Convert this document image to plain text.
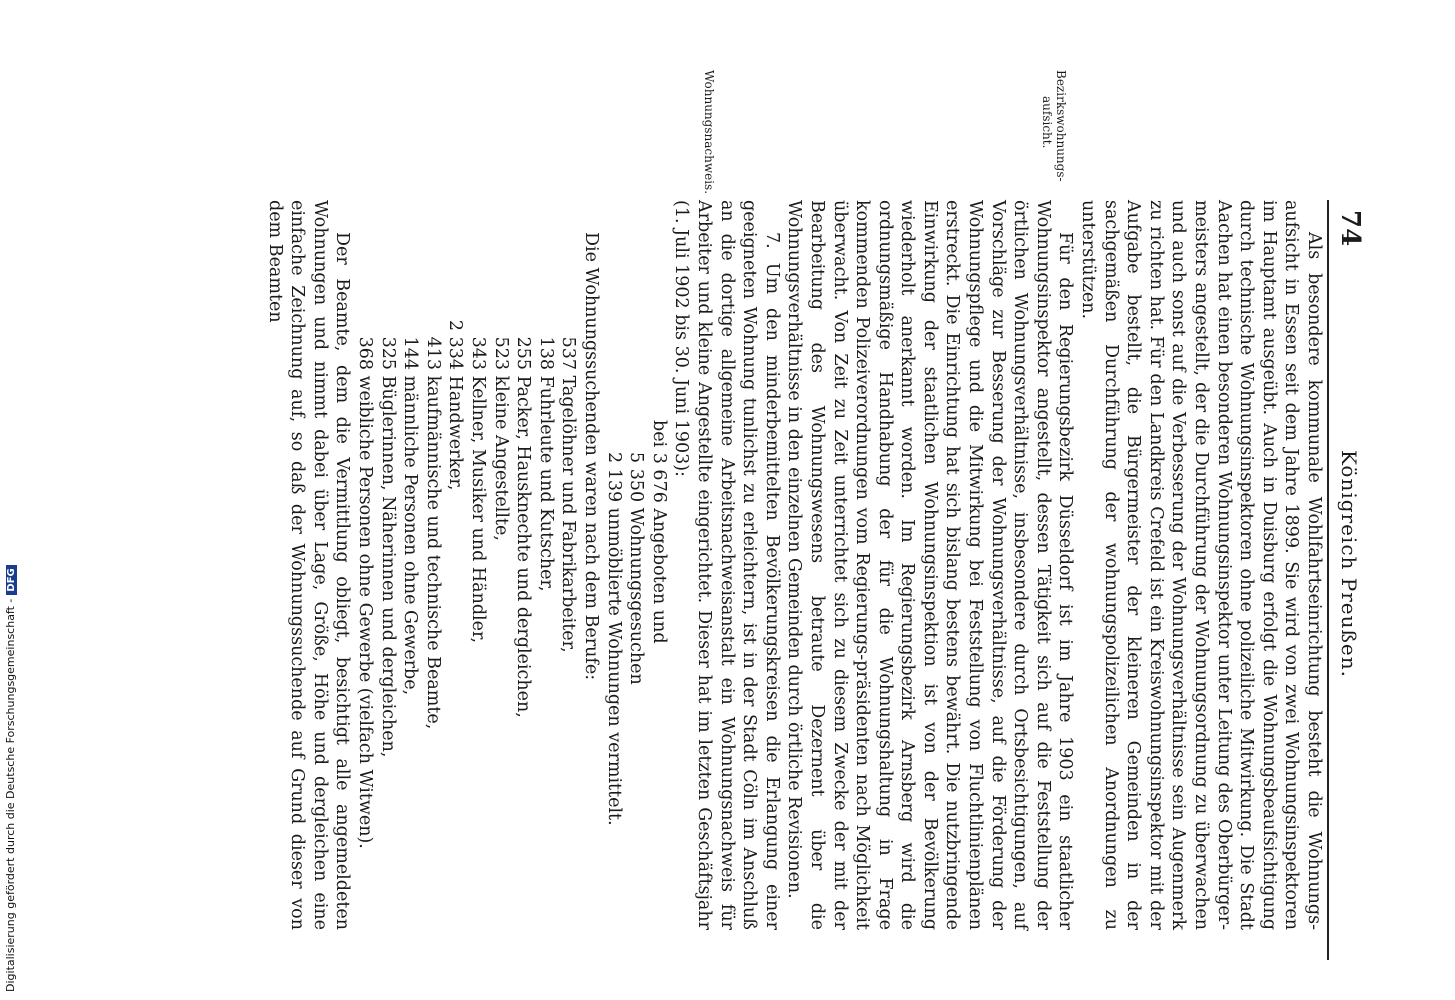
74
Königreich Preußen.

Als besondere kommunale Wohlfahrtseinrichtung besteht die Wohnungs-aufsicht in Essen seit dem Jahre 1899. Sie wird von zwei Wohnungsinspektoren im Hauptamt ausgeübt. Auch in Duisburg erfolgt die Wohnungsbeaufsichtigung durch technische Wohnungsinspektoren ohne polizeiliche Mitwirkung. Die Stadt Aachen hat einen besonderen Wohnungsinspektor unter Leitung des Oberbürger-meisters angestellt, der die Durchführung der Wohnungsordnung zu überwachen und auch sonst auf die Verbesserung der Wohnungsverhältnisse sein Augenmerk zu richten hat. Für den Landkreis Crefeld ist ein Kreiswohnungsinspektor mit der Aufgabe bestellt, die Bürgermeister der kleineren Gemeinden in der sachgemäßen Durchführung der wohnungspolizeilichen Anordnungen zu unterstützen.

Für den Regierungsbezirk Düsseldorf ist im Jahre 1903 ein staatlicher Wohnungsinspektor angestellt, dessen Tätigkeit sich auf die Feststellung der örtlichen Wohnungsverhältnisse, insbesondere durch Ortsbesichtigungen, auf Vorschläge zur Besserung der Wohnungsverhältnisse, auf die Förderung der Wohnungspflege und die Mitwirkung bei Feststellung von Fluchtlinienplänen erstreckt. Die Einrichtung hat sich bislang bestens bewährt. Die nutzbringende Einwirkung der staatlichen Wohnungsinspektion ist von der Bevölkerung wiederholt anerkannt worden. Im Regierungsbezirk Arnsberg wird die ordnungsmäßige Handhabung der für die Wohnungshaltung in Frage kommenden Polizeiverordnungen vom Regierungs-präsidenten nach Möglichkeit überwacht. Von Zeit zu Zeit unterrichtet sich zu diesem Zwecke der mit der Bearbeitung des Wohnungswesens betraute Dezernent über die Wohnungsverhältnisse in den einzelnen Gemeinden durch örtliche Revisionen.

7. Um den minderbemittelten Bevölkerungskreisen die Erlangung einer geeigneten Wohnung tunlichst zu erleichtern, ist in der Stadt Cöln im Anschluß an die dortige allgemeine Arbeitsnachweisanstalt ein Wohnungsnachweis für Arbeiter und kleine Angestellte eingerichtet. Dieser hat im letzten Geschäftsjahr (1. Juli 1902 bis 30. Juni 1903):

bei 3 676 Angeboten und
5 350 Wohnungsgesuchen
2 139 unmöblierte Wohnungen vermittelt.

Die Wohnungssuchenden waren nach dem Berufe:

537 Tagelöhner und Fabrikarbeiter,
138 Fuhrleute und Kutscher,
255 Packer, Hausknechte und dergleichen,
523 kleine Angestellte,
343 Kellner, Musiker und Händler,
2 334 Handwerker,
413 kaufmännische und technische Beamte,
144 männliche Personen ohne Gewerbe,
325 Büglerinnen, Näherinnen und dergleichen,
368 weibliche Personen ohne Gewerbe (vielfach Witwen).

Der Beamte, dem die Vermittlung obliegt, besichtigt alle angemeldeten Wohnungen und nimmt dabei über Lage, Größe, Höhe und dergleichen eine einfache Zeichnung auf, so daß der Wohnungssuchende auf Grund dieser von dem Beamten

Bezirkswohnungs-
aufsicht.
Wohnungsnachweis.
Digitalisierung gefördert durch die Deutsche Forschungsgemeinschaft -DFG
